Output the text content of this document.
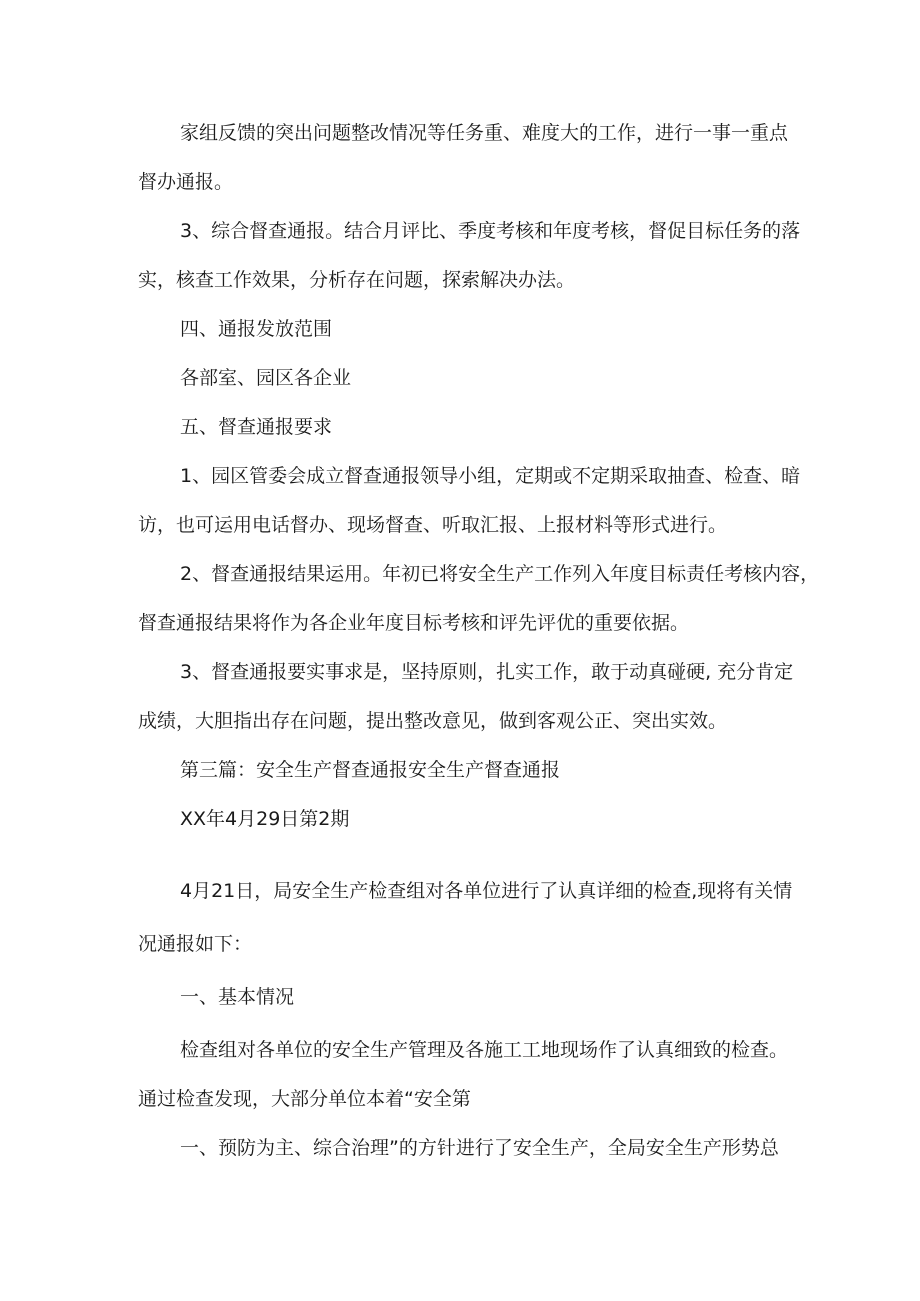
家组反馈的突出问题整改情况等任务重、难度大的工作，进行一事一重点

督办通报。

3、综合督查通报。结合月评比、季度考核和年度考核，督促目标任务的落

实，核查工作效果，分析存在问题，探索解决办法。

四、通报发放范围

各部室、园区各企业

五、督查通报要求

1、园区管委会成立督查通报领导小组，定期或不定期采取抽查、检查、暗

访，也可运用电话督办、现场督查、听取汇报、上报材料等形式进行。

2、督查通报结果运用。年初已将安全生产工作列入年度目标责任考核内容，

督查通报结果将作为各企业年度目标考核和评先评优的重要依据。

3、督查通报要实事求是，坚持原则，扎实工作，敢于动真碰硬, 充分肯定

成绩，大胆指出存在问题，提出整改意见，做到客观公正、突出实效。

第三篇：安全生产督查通报安全生产督查通报

XX年4月29日第2期

4月21日，局安全生产检查组对各单位进行了认真详细的检查,现将有关情

况通报如下：

一、基本情况

检查组对各单位的安全生产管理及各施工工地现场作了认真细致的检查。

通过检查发现，大部分单位本着“安全第

一、预防为主、综合治理”的方针进行了安全生产，全局安全生产形势总
